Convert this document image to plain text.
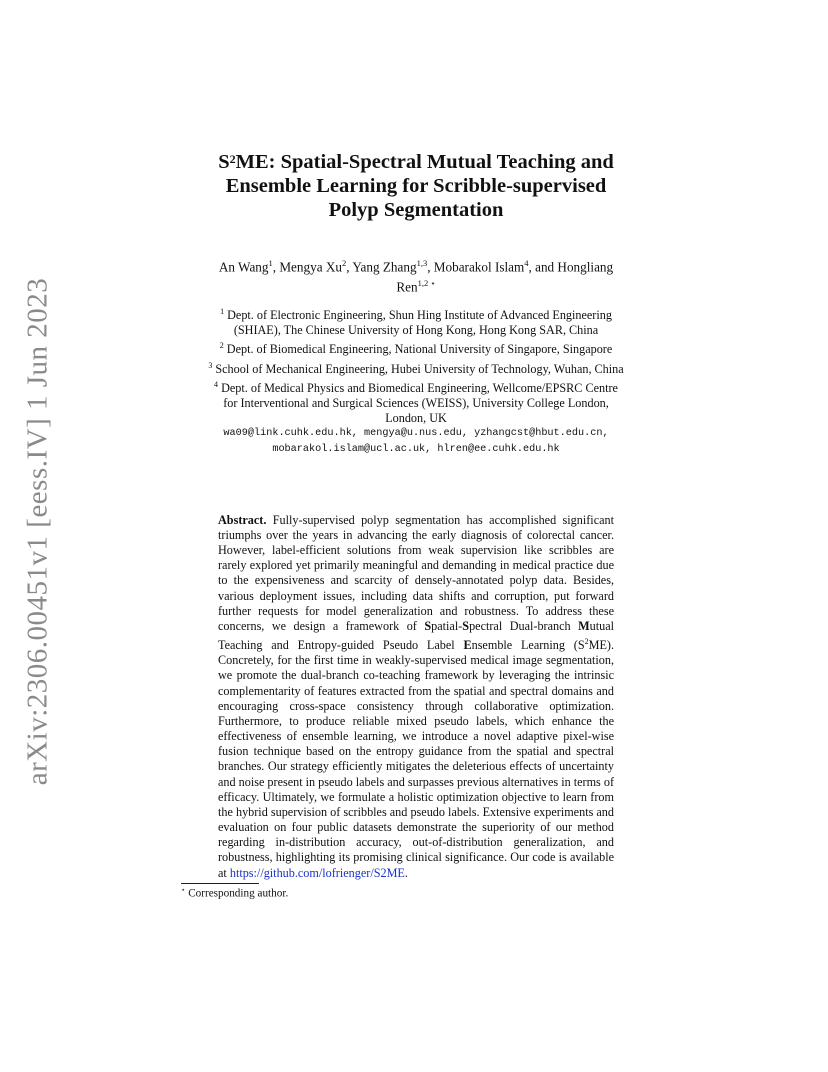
arXiv:2306.00451v1 [eess.IV] 1 Jun 2023
$S^2ME$: Spatial-Spectral Mutual Teaching and
Ensemble Learning for Scribble-supervised
Polyp Segmentation
An Wang$^1$, Mengya Xu$^2$, Yang Zhang$^{1,3}$, Mobarakol Islam$^4$, and Hongliang
Ren$^{1,2 ⋆}$
$^1$ Dept. of Electronic Engineering, Shun Hing Institute of Advanced Engineering
(SHIAE), The Chinese University of Hong Kong, Hong Kong SAR, China
$^2$ Dept. of Biomedical Engineering, National University of Singapore, Singapore
$^3$ School of Mechanical Engineering, Hubei University of Technology, Wuhan, China
$^4$ Dept. of Medical Physics and Biomedical Engineering, Wellcome/EPSRC Centre
for Interventional and Surgical Sciences (WEISS), University College London,
London, UK
wa09@link.cuhk.edu.hk, mengya@u.nus.edu, yzhangcst@hbut.edu.cn,
mobarakol.islam@ucl.ac.uk, hlren@ee.cuhk.edu.hk
Abstract. Fully-supervised polyp segmentation has accomplished significant triumphs over the years in advancing the early diagnosis of colorectal cancer. However, label-efficient solutions from weak supervision like scribbles are rarely explored yet primarily meaningful and demanding in medical practice due to the expensiveness and scarcity of densely-annotated polyp data. Besides, various deployment issues, including data shifts and corruption, put forward further requests for model generalization and robustness. To address these concerns, we design a framework of Spatial-Spectral Dual-branch Mutual Teaching and Entropy-guided Pseudo Label Ensemble Learning $(S^2ME)$. Concretely, for the first time in weakly-supervised medical image segmentation, we promote the dual-branch co-teaching framework by leveraging the intrinsic complementarity of features extracted from the spatial and spectral domains and encouraging cross-space consistency through collaborative optimization. Furthermore, to produce reliable mixed pseudo labels, which enhance the effectiveness of ensemble learning, we introduce a novel adaptive pixel-wise fusion technique based on the entropy guidance from the spatial and spectral branches. Our strategy efficiently mitigates the deleterious effects of uncertainty and noise present in pseudo labels and surpasses previous alternatives in terms of efficacy. Ultimately, we formulate a holistic optimization objective to learn from the hybrid supervision of scribbles and pseudo labels. Extensive experiments and evaluation on four public datasets demonstrate the superiority of our method regarding in-distribution accuracy, out-of-distribution generalization, and robustness, highlighting its promising clinical significance. Our code is available at https://github.com/lofrienger/S2ME.
⋆ Corresponding author.
